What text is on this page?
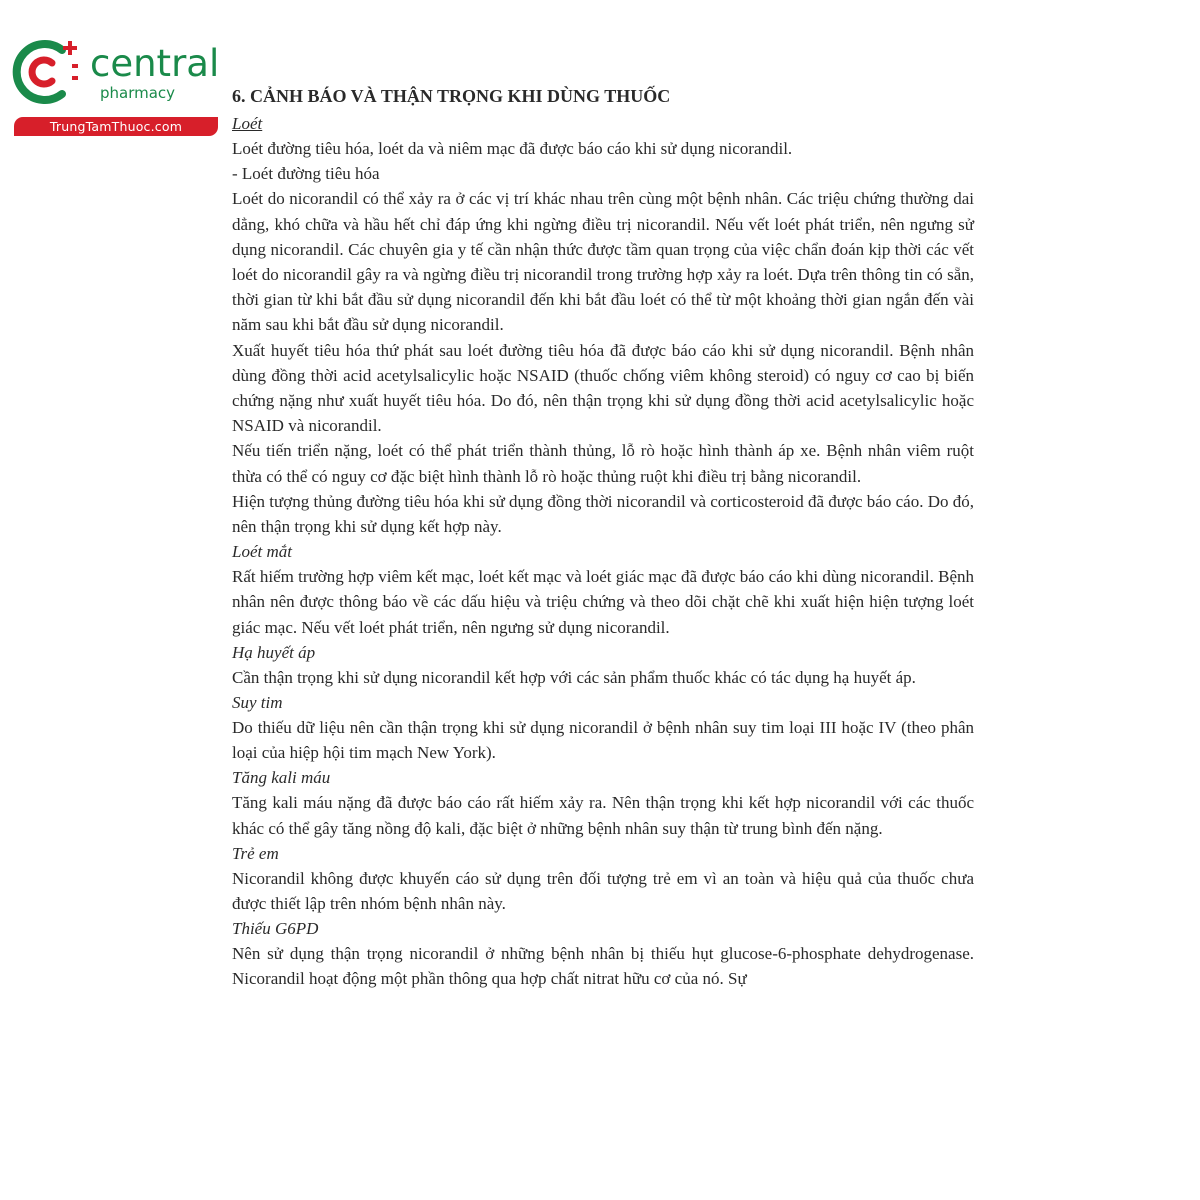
central
pharmacy
TrungTamThuoc.com
6. CẢNH BÁO VÀ THẬN TRỌNG KHI DÙNG THUỐC
Loét

Loét đường tiêu hóa, loét da và niêm mạc đã được báo cáo khi sử dụng nicorandil.

- Loét đường tiêu hóa

Loét do nicorandil có thể xảy ra ở các vị trí khác nhau trên cùng một bệnh nhân. Các triệu chứng thường dai dẳng, khó chữa và hầu hết chỉ đáp ứng khi ngừng điều trị nicorandil. Nếu vết loét phát triển, nên ngưng sử dụng nicorandil. Các chuyên gia y tế cần nhận thức được tầm quan trọng của việc chẩn đoán kịp thời các vết loét do nicorandil gây ra và ngừng điều trị nicorandil trong trường hợp xảy ra loét. Dựa trên thông tin có sẵn, thời gian từ khi bắt đầu sử dụng nicorandil đến khi bắt đầu loét có thể từ một khoảng thời gian ngắn đến vài năm sau khi bắt đầu sử dụng nicorandil.

Xuất huyết tiêu hóa thứ phát sau loét đường tiêu hóa đã được báo cáo khi sử dụng nicorandil. Bệnh nhân dùng đồng thời acid acetylsalicylic hoặc NSAID (thuốc chống viêm không steroid) có nguy cơ cao bị biến chứng nặng như xuất huyết tiêu hóa. Do đó, nên thận trọng khi sử dụng đồng thời acid acetylsalicylic hoặc NSAID và nicorandil.

Nếu tiến triển nặng, loét có thể phát triển thành thủng, lỗ rò hoặc hình thành áp xe. Bệnh nhân viêm ruột thừa có thể có nguy cơ đặc biệt hình thành lỗ rò hoặc thủng ruột khi điều trị bằng nicorandil.

Hiện tượng thủng đường tiêu hóa khi sử dụng đồng thời nicorandil và corticosteroid đã được báo cáo. Do đó, nên thận trọng khi sử dụng kết hợp này.

Loét mắt

Rất hiếm trường hợp viêm kết mạc, loét kết mạc và loét giác mạc đã được báo cáo khi dùng nicorandil. Bệnh nhân nên được thông báo về các dấu hiệu và triệu chứng và theo dõi chặt chẽ khi xuất hiện hiện tượng loét giác mạc. Nếu vết loét phát triển, nên ngưng sử dụng nicorandil.

Hạ huyết áp

Cần thận trọng khi sử dụng nicorandil kết hợp với các sản phẩm thuốc khác có tác dụng hạ huyết áp.

Suy tim

Do thiếu dữ liệu nên cần thận trọng khi sử dụng nicorandil ở bệnh nhân suy tim loại III hoặc IV (theo phân loại của hiệp hội tim mạch New York).

Tăng kali máu

Tăng kali máu nặng đã được báo cáo rất hiếm xảy ra. Nên thận trọng khi kết hợp nicorandil với các thuốc khác có thể gây tăng nồng độ kali, đặc biệt ở những bệnh nhân suy thận từ trung bình đến nặng.

Trẻ em

Nicorandil không được khuyến cáo sử dụng trên đối tượng trẻ em vì an toàn và hiệu quả của thuốc chưa được thiết lập trên nhóm bệnh nhân này.

Thiếu G6PD

Nên sử dụng thận trọng nicorandil ở những bệnh nhân bị thiếu hụt glucose-6-phosphate dehydrogenase. Nicorandil hoạt động một phần thông qua hợp chất nitrat hữu cơ của nó. Sự
